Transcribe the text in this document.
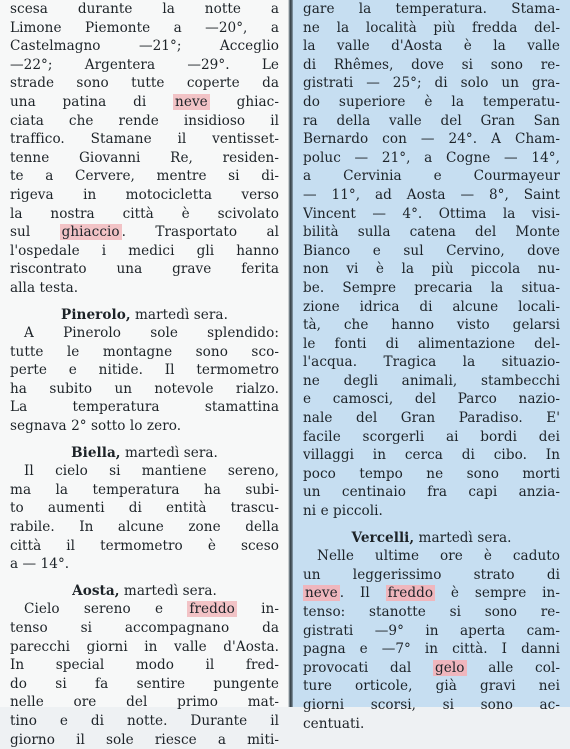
scesa durante la notte a
Limone Piemonte a —20°, a
Castelmagno —21°; Acceglio
—22°; Argentera —29°. Le
strade sono tutte coperte da
una patina di neve ghiac-
ciata che rende insidioso il
traffico. Stamane il ventisset-
tenne Giovanni Re, residen-
te a Cervere, mentre si di-
rigeva in motocicletta verso
la nostra città è scivolato
sul ghiaccio . Trasportato al
l'ospedale i medici gli hanno
riscontrato una grave ferita
alla testa.
Pinerolo, martedì sera.
A Pinerolo sole splendido:
tutte le montagne sono sco-
perte e nitide. Il termometro
ha subito un notevole rialzo.
La temperatura stamattina
segnava 2° sotto lo zero.
Biella, martedì sera.
Il cielo si mantiene sereno,
ma la temperatura ha subi-
to aumenti di entità trascu-
rabile. In alcune zone della
città il termometro è sceso
a — 14°.
Aosta, martedì sera.
Cielo sereno e freddo in-
tenso si accompagnano da
parecchi giorni in valle d'Aosta.
In special modo il fred-
do si fa sentire pungente
nelle ore del primo mat-
tino e di notte. Durante il
giorno il sole riesce a miti-
gare la temperatura. Stama-
ne la località più fredda del-
la valle d'Aosta è la valle
di Rhêmes, dove si sono re-
gistrati — 25°; di solo un gra-
do superiore è la temperatu-
ra della valle del Gran San
Bernardo con — 24°. A Cham-
poluc — 21°, a Cogne — 14°,
a Cervinia e Courmayeur
— 11°, ad Aosta — 8°, Saint
Vincent — 4°. Ottima la visi-
bilità sulla catena del Monte
Bianco e sul Cervino, dove
non vi è la più piccola nu-
be. Sempre precaria la situa-
zione idrica di alcune locali-
tà, che hanno visto gelarsi
le fonti di alimentazione del-
l'acqua. Tragica la situazio-
ne degli animali, stambecchi
e camosci, del Parco nazio-
nale del Gran Paradiso. E'
facile scorgerli ai bordi dei
villaggi in cerca di cibo. In
poco tempo ne sono morti
un centinaio fra capi anzia-
ni e piccoli.
Vercelli, martedì sera.
Nelle ultime ore è caduto
un leggerissimo strato di
neve . Il freddo è sempre in-
tenso: stanotte si sono re-
gistrati —9° in aperta cam-
pagna e —7° in città. I danni
provocati dal gelo alle col-
ture orticole, già gravi nei
giorni scorsi, si sono ac-
centuati.
